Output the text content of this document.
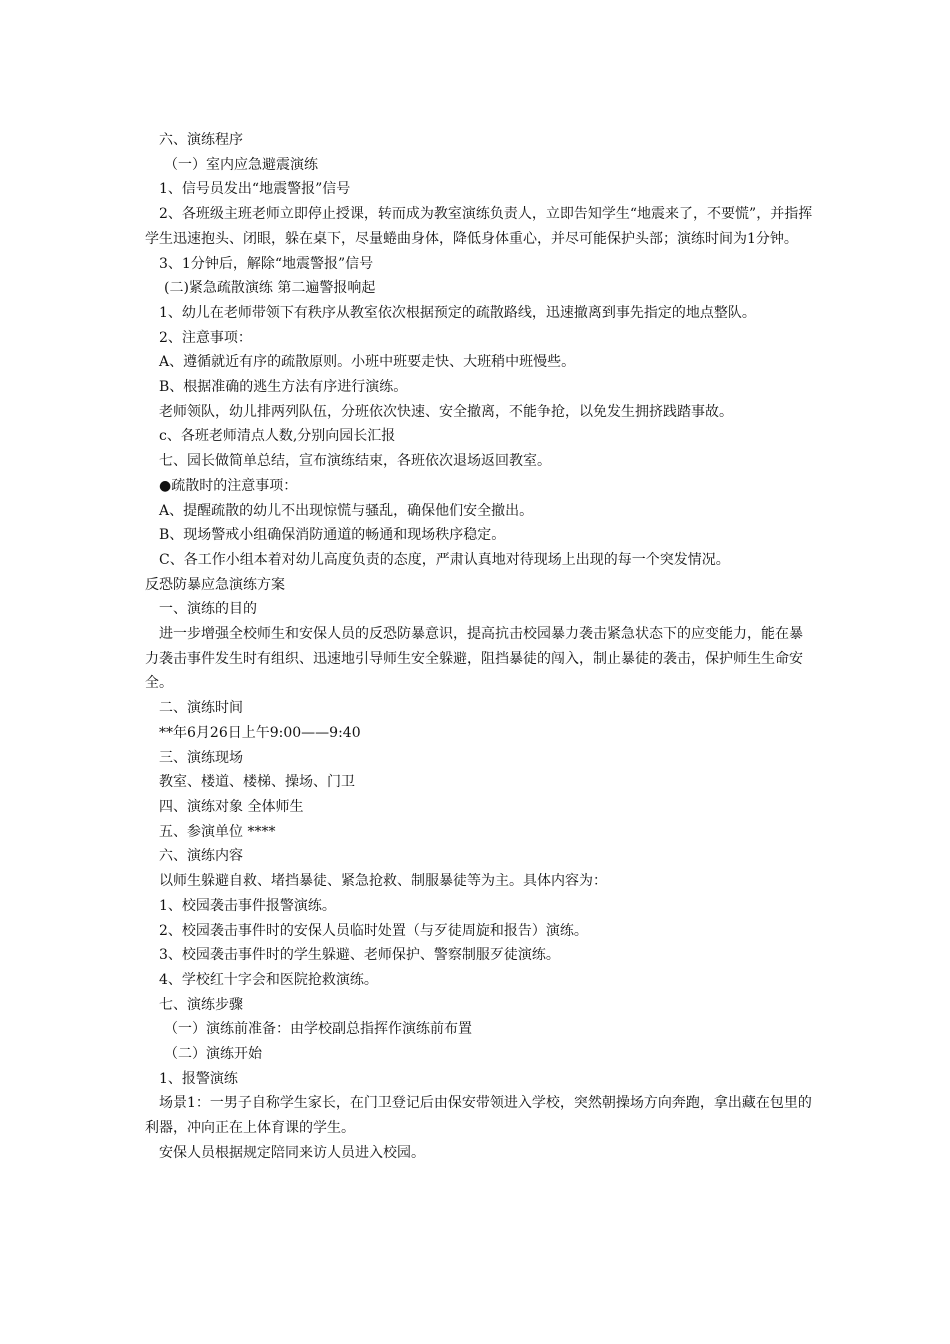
六、演练程序

（一）室内应急避震演练

1、信号员发出“地震警报”信号

2、各班级主班老师立即停止授课，转而成为教室演练负责人，立即告知学生“地震来了，不要慌”，并指挥学生迅速抱头、闭眼，躲在桌下，尽量蜷曲身体，降低身体重心，并尽可能保护头部；演练时间为1分钟。

3、1分钟后，解除“地震警报”信号

(二)紧急疏散演练 第二遍警报响起

1、幼儿在老师带领下有秩序从教室依次根据预定的疏散路线，迅速撤离到事先指定的地点整队。

2、注意事项：

A、遵循就近有序的疏散原则。小班中班要走快、大班稍中班慢些。

B、根据准确的逃生方法有序进行演练。

老师领队，幼儿排两列队伍，分班依次快速、安全撤离，不能争抢，以免发生拥挤践踏事故。

c、各班老师清点人数,分别向园长汇报

七、园长做简单总结，宣布演练结束，各班依次退场返回教室。

●疏散时的注意事项：

A、提醒疏散的幼儿不出现惊慌与骚乱，确保他们安全撤出。

B、现场警戒小组确保消防通道的畅通和现场秩序稳定。

C、各工作小组本着对幼儿高度负责的态度，严肃认真地对待现场上出现的每一个突发情况。

反恐防暴应急演练方案

一、演练的目的

进一步增强全校师生和安保人员的反恐防暴意识，提高抗击校园暴力袭击紧急状态下的应变能力，能在暴力袭击事件发生时有组织、迅速地引导师生安全躲避，阻挡暴徒的闯入，制止暴徒的袭击，保护师生生命安全。

二、演练时间

**年6月26日上午9:00——9:40

三、演练现场

教室、楼道、楼梯、操场、门卫

四、演练对象 全体师生

五、参演单位 ****

六、演练内容

以师生躲避自救、堵挡暴徒、紧急抢救、制服暴徒等为主。具体内容为：

1、校园袭击事件报警演练。

2、校园袭击事件时的安保人员临时处置（与歹徒周旋和报告）演练。

3、校园袭击事件时的学生躲避、老师保护、警察制服歹徒演练。

4、学校红十字会和医院抢救演练。

七、演练步骤

（一）演练前准备：由学校副总指挥作演练前布置

（二）演练开始

1、报警演练

场景1：一男子自称学生家长，在门卫登记后由保安带领进入学校，突然朝操场方向奔跑，拿出藏在包里的利器，冲向正在上体育课的学生。

安保人员根据规定陪同来访人员进入校园。
